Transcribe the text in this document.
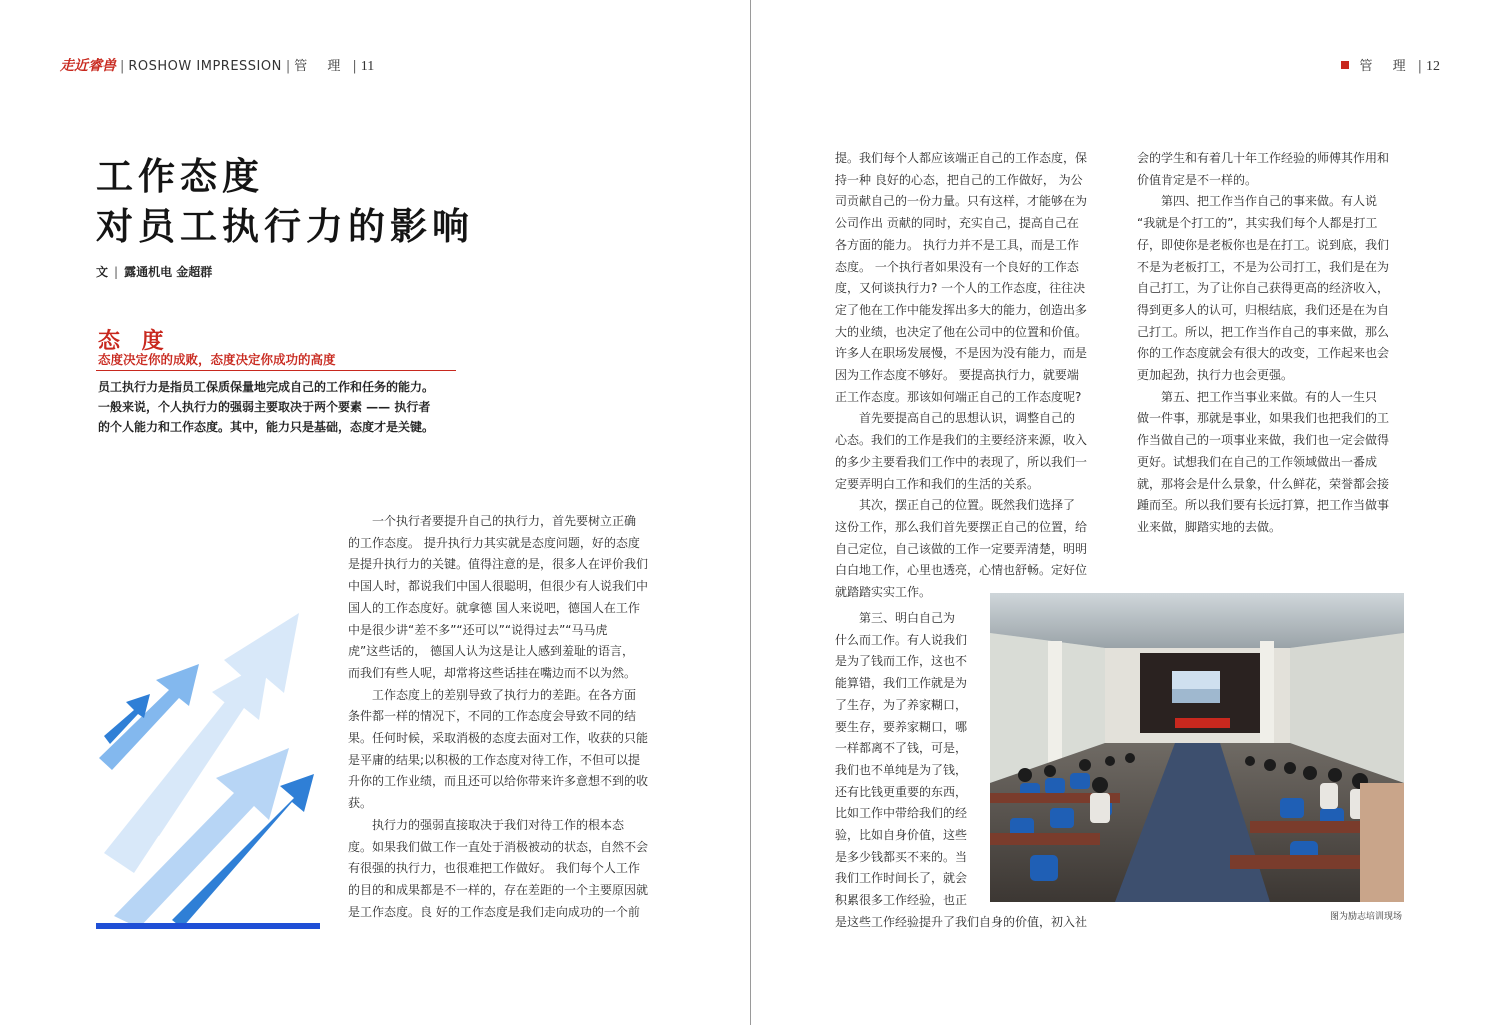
走近睿兽 | ROSHOW IMPRESSION | 管 理 | 11
工作态度
对员工执行力的影响
文 | 露通机电 金超群
态 度
态度决定你的成败，态度决定你成功的高度

员工执行力是指员工保质保量地完成自己的工作和任务的能力。

一般来说，个人执行力的强弱主要取决于两个要素 —— 执行者

的个人能力和工作态度。其中，能力只是基础，态度才是关键。

一个执行者要提升自己的执行力，首先要树立正确
的工作态度。 提升执行力其实就是态度问题，好的态度
是提升执行力的关键。值得注意的是，很多人在评价我们
中国人时，都说我们中国人很聪明，但很少有人说我们中
国人的工作态度好。就拿德 国人来说吧，德国人在工作
中是很少讲“差不多”“还可以”“说得过去”“马马虎
虎”这些话的， 德国人认为这是让人感到羞耻的语言，
而我们有些人呢，却常将这些话挂在嘴边而不以为然。

工作态度上的差别导致了执行力的差距。在各方面
条件都一样的情况下，不同的工作态度会导致不同的结
果。任何时候，采取消极的态度去面对工作，收获的只能
是平庸的结果;以积极的工作态度对待工作，不但可以提
升你的工作业绩，而且还可以给你带来许多意想不到的收
获。

执行力的强弱直接取决于我们对待工作的根本态
度。如果我们做工作一直处于消极被动的状态，自然不会
有很强的执行力，也很难把工作做好。 我们每个人工作
的目的和成果都是不一样的，存在差距的一个主要原因就
是工作态度。良 好的工作态度是我们走向成功的一个前

管 理 | 12

提。我们每个人都应该端正自己的工作态度，保
持一种 良好的心态，把自己的工作做好， 为公
司贡献自己的一份力量。只有这样，才能够在为
公司作出 贡献的同时，充实自己，提高自己在
各方面的能力。 执行力并不是工具，而是工作
态度。 一个执行者如果没有一个良好的工作态
度，又何谈执行力? 一个人的工作态度，往往决
定了他在工作中能发挥出多大的能力，创造出多
大的业绩，也决定了他在公司中的位置和价值。
许多人在职场发展慢，不是因为没有能力，而是
因为工作态度不够好。 要提高执行力，就要端
正工作态度。那该如何端正自己的工作态度呢?

首先要提高自己的思想认识，调整自己的
心态。我们的工作是我们的主要经济来源，收入
的多少主要看我们工作中的表现了，所以我们一
定要弄明白工作和我们的生活的关系。

其次，摆正自己的位置。既然我们选择了
这份工作，那么我们首先要摆正自己的位置，给
自己定位，自己该做的工作一定要弄清楚，明明
白白地工作，心里也透亮，心情也舒畅。定好位
就踏踏实实工作。

第三、明白自己为
什么而工作。有人说我们
是为了钱而工作，这也不
能算错，我们工作就是为
了生存，为了养家糊口，
要生存，要养家糊口，哪
一样都离不了钱，可是，
我们也不单纯是为了钱，
还有比钱更重要的东西，
比如工作中带给我们的经
验，比如自身价值，这些
是多少钱都买不来的。当
我们工作时间长了，就会
积累很多工作经验，也正
是这些工作经验提升了我们自身的价值，初入社

会的学生和有着几十年工作经验的师傅其作用和
价值肯定是不一样的。

第四、把工作当作自己的事来做。有人说
“我就是个打工的”，其实我们每个人都是打工
仔，即使你是老板你也是在打工。说到底，我们
不是为老板打工，不是为公司打工，我们是在为
自己打工，为了让你自己获得更高的经济收入，
得到更多人的认可，归根结底，我们还是在为自
己打工。所以，把工作当作自己的事来做，那么
你的工作态度就会有很大的改变，工作起来也会
更加起劲，执行力也会更强。

第五、把工作当事业来做。有的人一生只
做一件事，那就是事业，如果我们也把我们的工
作当做自己的一项事业来做，我们也一定会做得
更好。试想我们在自己的工作领域做出一番成
就，那将会是什么景象，什么鲜花，荣誉都会接
踵而至。所以我们要有长远打算，把工作当做事
业来做，脚踏实地的去做。

图为励志培训现场
